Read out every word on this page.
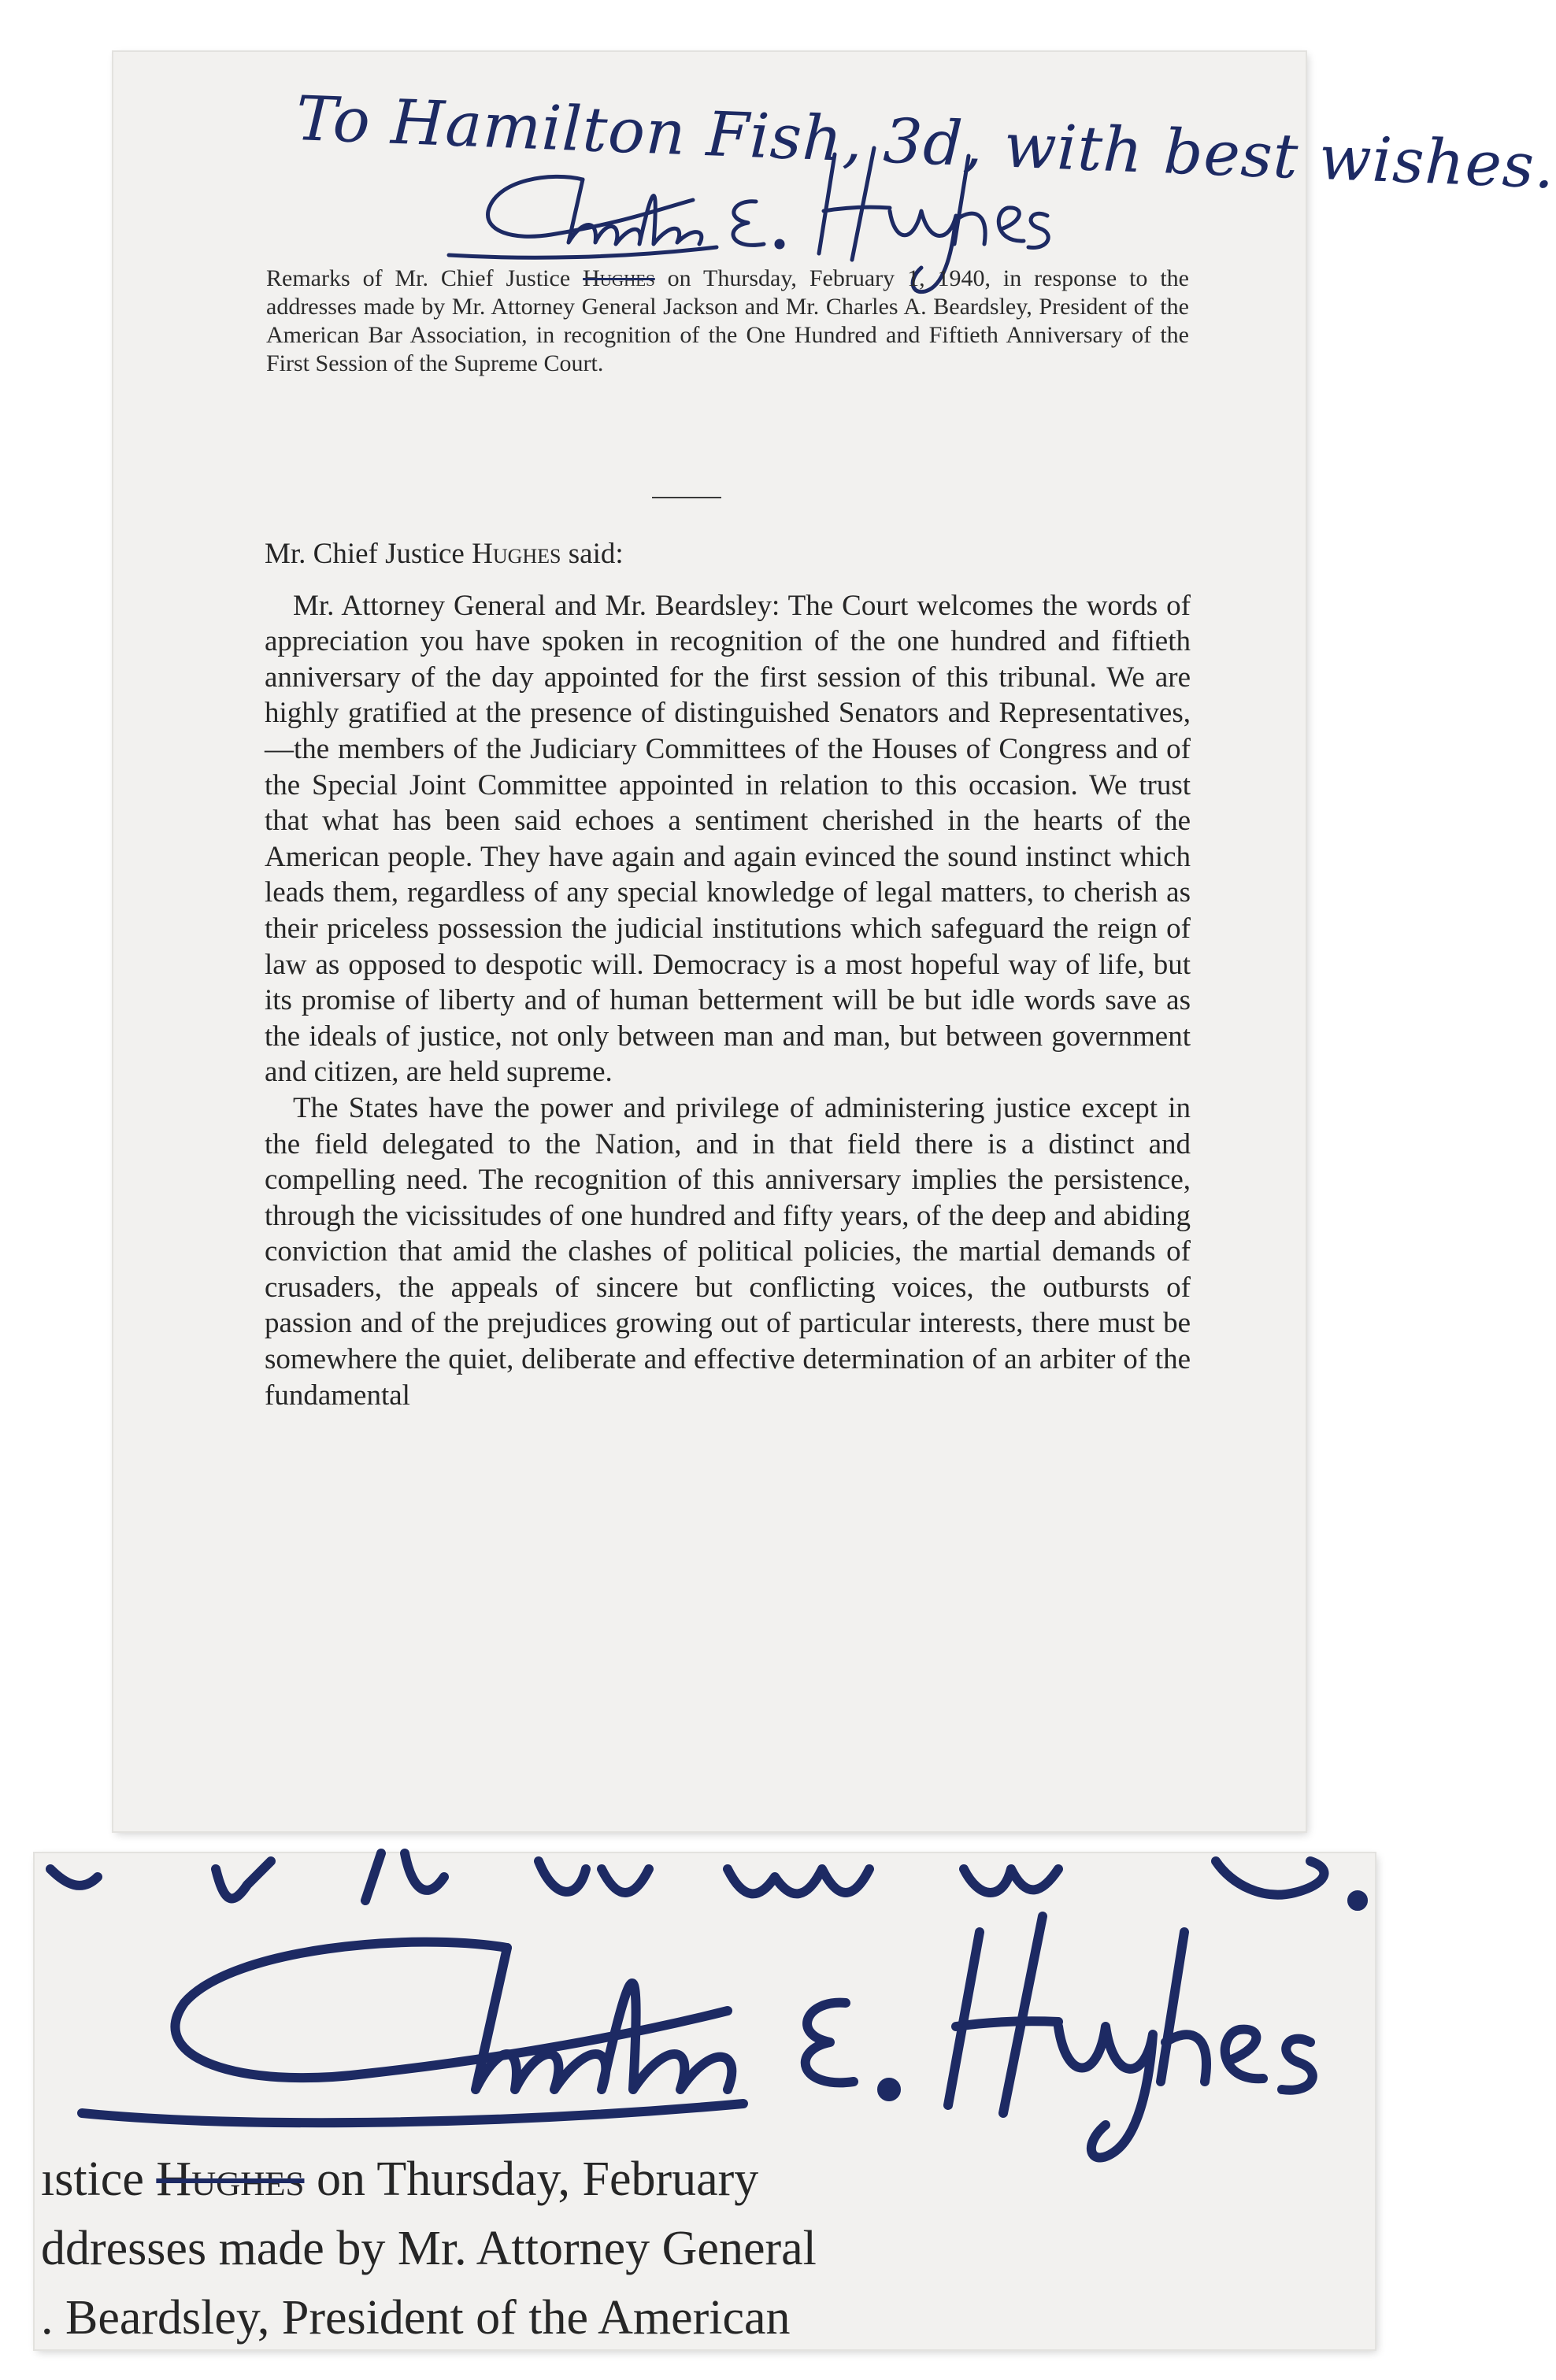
To Hamilton Fish, 3d, with best wishes.

Remarks of Mr. Chief Justice Hughes on Thursday, February 1, 1940, in response to the addresses made by Mr. Attorney General Jackson and Mr. Charles A. Beardsley, President of the American Bar Association, in recognition of the One Hundred and Fiftieth Anniversary of the First Session of the Supreme Court.

Mr. Chief Justice Hughes said:

Mr. Attorney General and Mr. Beardsley: The Court welcomes the words of appreciation you have spoken in recognition of the one hundred and fiftieth anniversary of the day appointed for the first session of this tribunal. We are highly gratified at the presence of distinguished Senators and Representatives,—the members of the Judiciary Committees of the Houses of Congress and of the Special Joint Committee appointed in relation to this occasion. We trust that what has been said echoes a sentiment cherished in the hearts of the American people. They have again and again evinced the sound instinct which leads them, regardless of any special knowledge of legal matters, to cherish as their priceless possession the judicial institutions which safeguard the reign of law as opposed to despotic will. Democracy is a most hopeful way of life, but its promise of liberty and of human betterment will be but idle words save as the ideals of justice, not only between man and man, but between government and citizen, are held supreme.

The States have the power and privilege of administering justice except in the field delegated to the Nation, and in that field there is a distinct and compelling need. The recognition of this anniversary implies the persistence, through the vicissitudes of one hundred and fifty years, of the deep and abiding conviction that amid the clashes of political policies, the martial demands of crusaders, the appeals of sincere but conflicting voices, the outbursts of passion and of the prejudices growing out of particular interests, there must be somewhere the quiet, deliberate and effective determination of an arbiter of the fundamental

ıstice Hughes on Thursday, February

ddresses made by Mr. Attorney General

. Beardsley, President of the American
